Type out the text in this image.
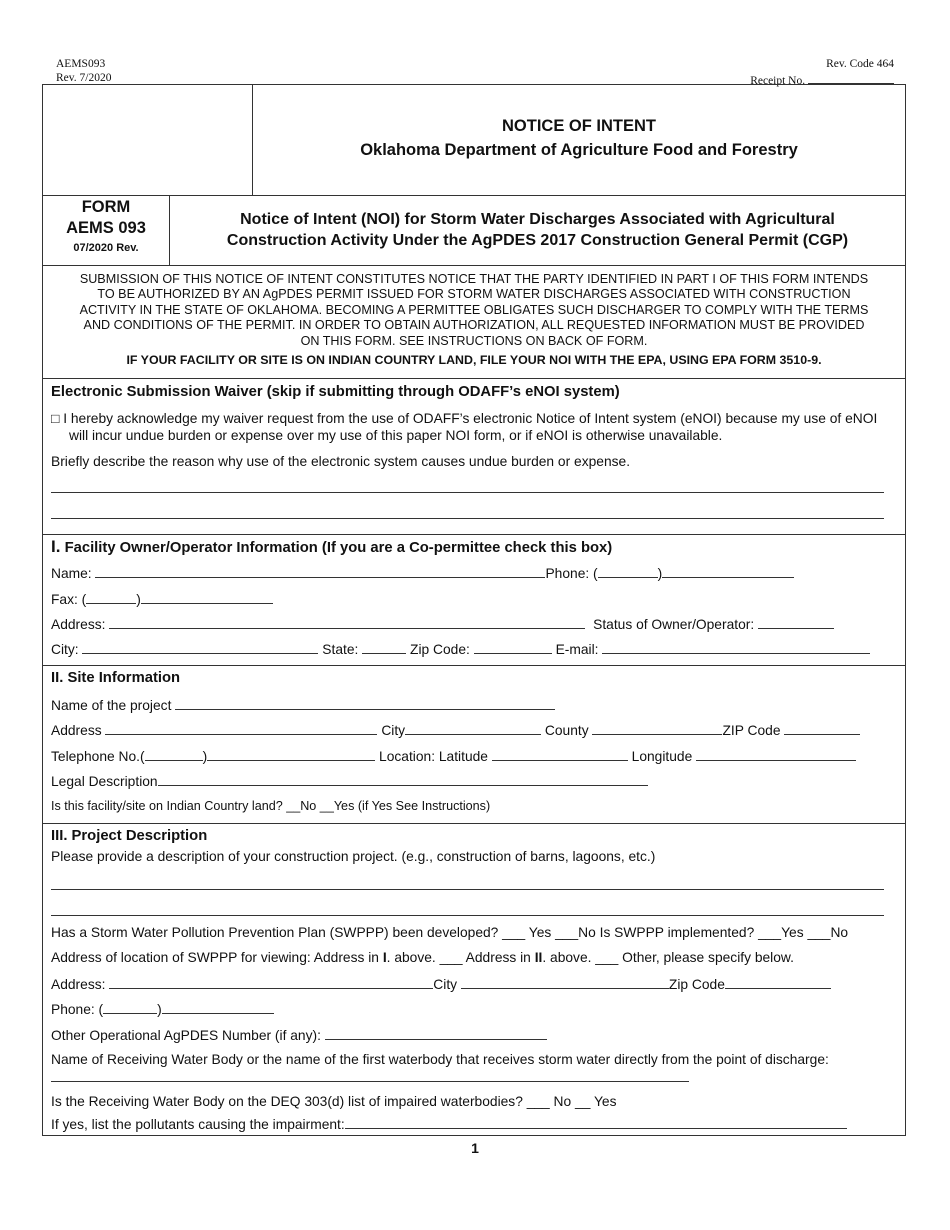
AEMS093
Rev. 7/2020
Rev. Code 464
Receipt No.
NOTICE OF INTENT
Oklahoma Department of Agriculture Food and Forestry
FORM
AEMS 093
07/2020 Rev.
Notice of Intent (NOI) for Storm Water Discharges Associated with Agricultural
Construction Activity Under the AgPDES 2017 Construction General Permit (CGP)
SUBMISSION OF THIS NOTICE OF INTENT CONSTITUTES NOTICE THAT THE PARTY IDENTIFIED IN PART I OF THIS FORM INTENDS
TO BE AUTHORIZED BY AN AgPDES PERMIT ISSUED FOR STORM WATER DISCHARGES ASSOCIATED WITH CONSTRUCTION
ACTIVITY IN THE STATE OF OKLAHOMA. BECOMING A PERMITTEE OBLIGATES SUCH DISCHARGER TO COMPLY WITH THE TERMS
AND CONDITIONS OF THE PERMIT. IN ORDER TO OBTAIN AUTHORIZATION, ALL REQUESTED INFORMATION MUST BE PROVIDED
ON THIS FORM. SEE INSTRUCTIONS ON BACK OF FORM.
IF YOUR FACILITY OR SITE IS ON INDIAN COUNTRY LAND, FILE YOUR NOI WITH THE EPA, USING EPA FORM 3510-9.
Electronic Submission Waiver (skip if submitting through ODAFF’s eNOI system)
□ I hereby acknowledge my waiver request from the use of ODAFF’s electronic Notice of Intent system (eNOI) because my use of eNOI
will incur undue burden or expense over my use of this paper NOI form, or if eNOI is otherwise unavailable.
Briefly describe the reason why use of the electronic system causes undue burden or expense.
I. Facility Owner/Operator Information (If you are a Co-permittee check this box)
Name:	Phone: (	)
Fax: (	)
Address:	Status of Owner/Operator:
City:	State:	Zip Code:	E-mail:
II. Site Information
Name of the project
Address	City	County	ZIP Code
Telephone No.(	)	Location: Latitude	Longitude
Legal Description
Is this facility/site on Indian Country land? __No __Yes (if Yes See Instructions)
III. Project Description
Please provide a description of your construction project. (e.g., construction of barns, lagoons, etc.)
Has a Storm Water Pollution Prevention Plan (SWPPP) been developed? ___ Yes ___No Is SWPPP implemented? ___Yes ___No
Address of location of SWPPP for viewing: Address in I. above. ___ Address in II. above. ___ Other, please specify below.
Address:	City	Zip Code
Phone: (	)
Other Operational AgPDES Number (if any):
Name of Receiving Water Body or the name of the first waterbody that receives storm water directly from the point of discharge:
Is the Receiving Water Body on the DEQ 303(d) list of impaired waterbodies? ___ No __ Yes
If yes, list the pollutants causing the impairment:
1
